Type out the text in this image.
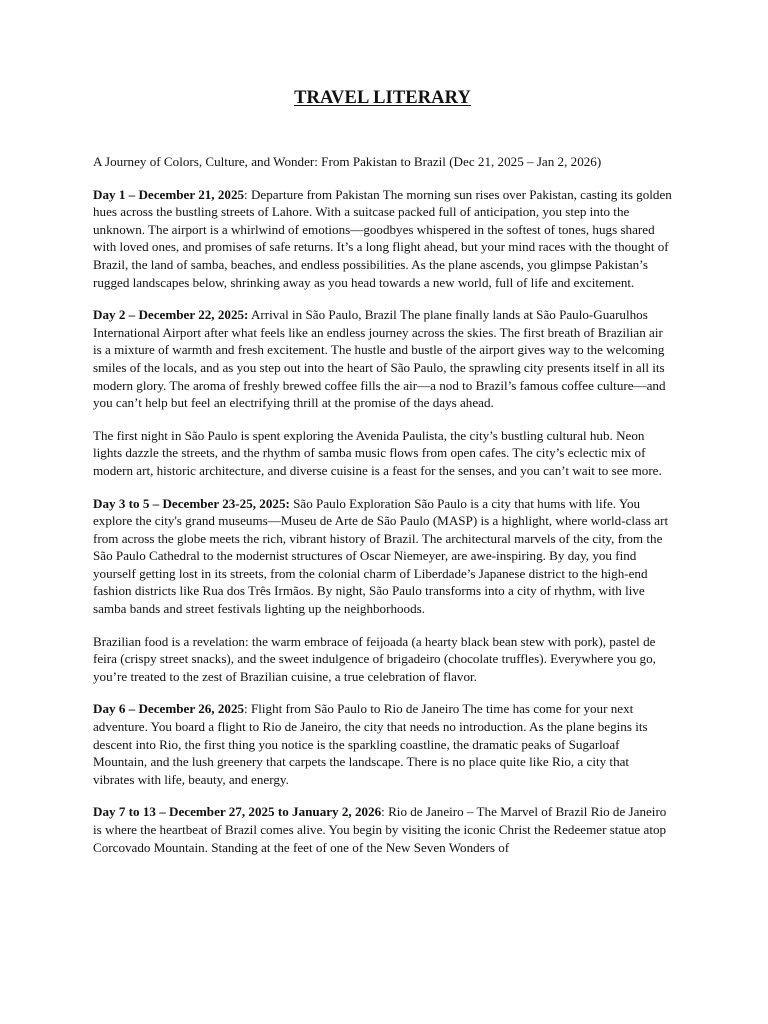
TRAVEL LITERARY

A Journey of Colors, Culture, and Wonder: From Pakistan to Brazil (Dec 21, 2025 – Jan 2, 2026)

Day 1 – December 21, 2025: Departure from Pakistan The morning sun rises over Pakistan, casting its golden hues across the bustling streets of Lahore. With a suitcase packed full of anticipation, you step into the unknown. The airport is a whirlwind of emotions—goodbyes whispered in the softest of tones, hugs shared with loved ones, and promises of safe returns. It’s a long flight ahead, but your mind races with the thought of Brazil, the land of samba, beaches, and endless possibilities. As the plane ascends, you glimpse Pakistan’s rugged landscapes below, shrinking away as you head towards a new world, full of life and excitement.

Day 2 – December 22, 2025: Arrival in São Paulo, Brazil The plane finally lands at São Paulo-Guarulhos International Airport after what feels like an endless journey across the skies. The first breath of Brazilian air is a mixture of warmth and fresh excitement. The hustle and bustle of the airport gives way to the welcoming smiles of the locals, and as you step out into the heart of São Paulo, the sprawling city presents itself in all its modern glory. The aroma of freshly brewed coffee fills the air—a nod to Brazil’s famous coffee culture—and you can’t help but feel an electrifying thrill at the promise of the days ahead.

The first night in São Paulo is spent exploring the Avenida Paulista, the city’s bustling cultural hub. Neon lights dazzle the streets, and the rhythm of samba music flows from open cafes. The city’s eclectic mix of modern art, historic architecture, and diverse cuisine is a feast for the senses, and you can’t wait to see more.

Day 3 to 5 – December 23-25, 2025: São Paulo Exploration São Paulo is a city that hums with life. You explore the city's grand museums—Museu de Arte de São Paulo (MASP) is a highlight, where world-class art from across the globe meets the rich, vibrant history of Brazil. The architectural marvels of the city, from the São Paulo Cathedral to the modernist structures of Oscar Niemeyer, are awe-inspiring. By day, you find yourself getting lost in its streets, from the colonial charm of Liberdade’s Japanese district to the high-end fashion districts like Rua dos Três Irmãos. By night, São Paulo transforms into a city of rhythm, with live samba bands and street festivals lighting up the neighborhoods.

Brazilian food is a revelation: the warm embrace of feijoada (a hearty black bean stew with pork), pastel de feira (crispy street snacks), and the sweet indulgence of brigadeiro (chocolate truffles). Everywhere you go, you’re treated to the zest of Brazilian cuisine, a true celebration of flavor.

Day 6 – December 26, 2025: Flight from São Paulo to Rio de Janeiro The time has come for your next adventure. You board a flight to Rio de Janeiro, the city that needs no introduction. As the plane begins its descent into Rio, the first thing you notice is the sparkling coastline, the dramatic peaks of Sugarloaf Mountain, and the lush greenery that carpets the landscape. There is no place quite like Rio, a city that vibrates with life, beauty, and energy.

Day 7 to 13 – December 27, 2025 to January 2, 2026: Rio de Janeiro – The Marvel of Brazil Rio de Janeiro is where the heartbeat of Brazil comes alive. You begin by visiting the iconic Christ the Redeemer statue atop Corcovado Mountain. Standing at the feet of one of the New Seven Wonders of
